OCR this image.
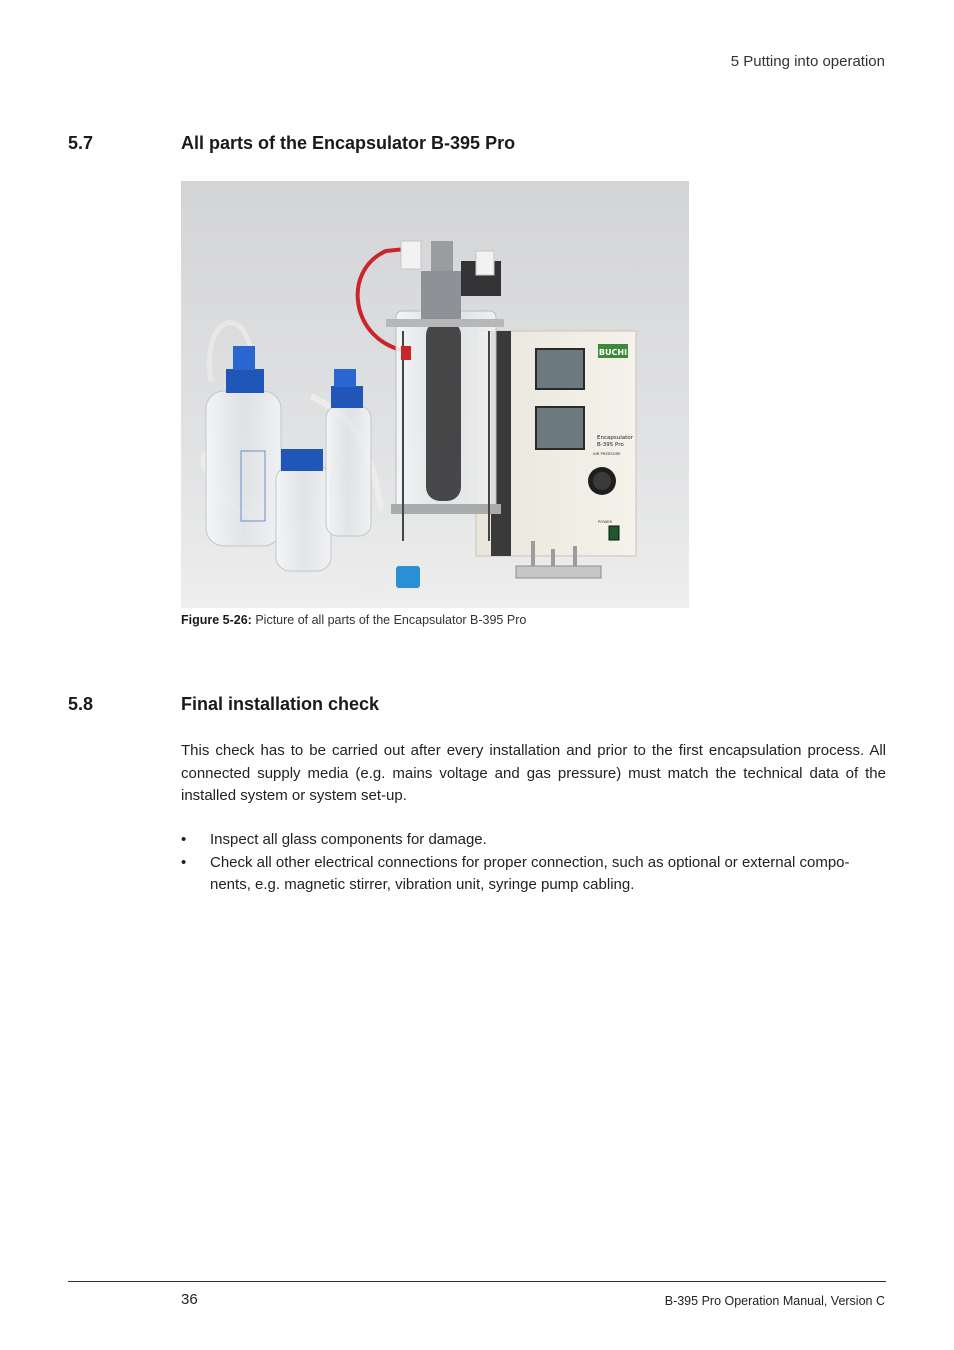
5 Putting into operation
5.7	All parts of the Encapsulator B-395 Pro
BUCHI
Encapsulator
B-395 Pro
AIR PRESSURE
POWER
Figure 5-26: Picture of all parts of the Encapsulator B-395 Pro
5.8	Final installation check

This check has to be carried out after every installation and prior to the first encapsulation process. All connected supply media (e.g. mains voltage and gas pressure) must match the technical data of the installed system or system set-up.

• Inspect all glass components for damage.
• Check all other electrical connections for proper connection, such as optional or external compo-nents, e.g. magnetic stirrer, vibration unit, syringe pump cabling.
36	B-395 Pro Operation Manual, Version C
